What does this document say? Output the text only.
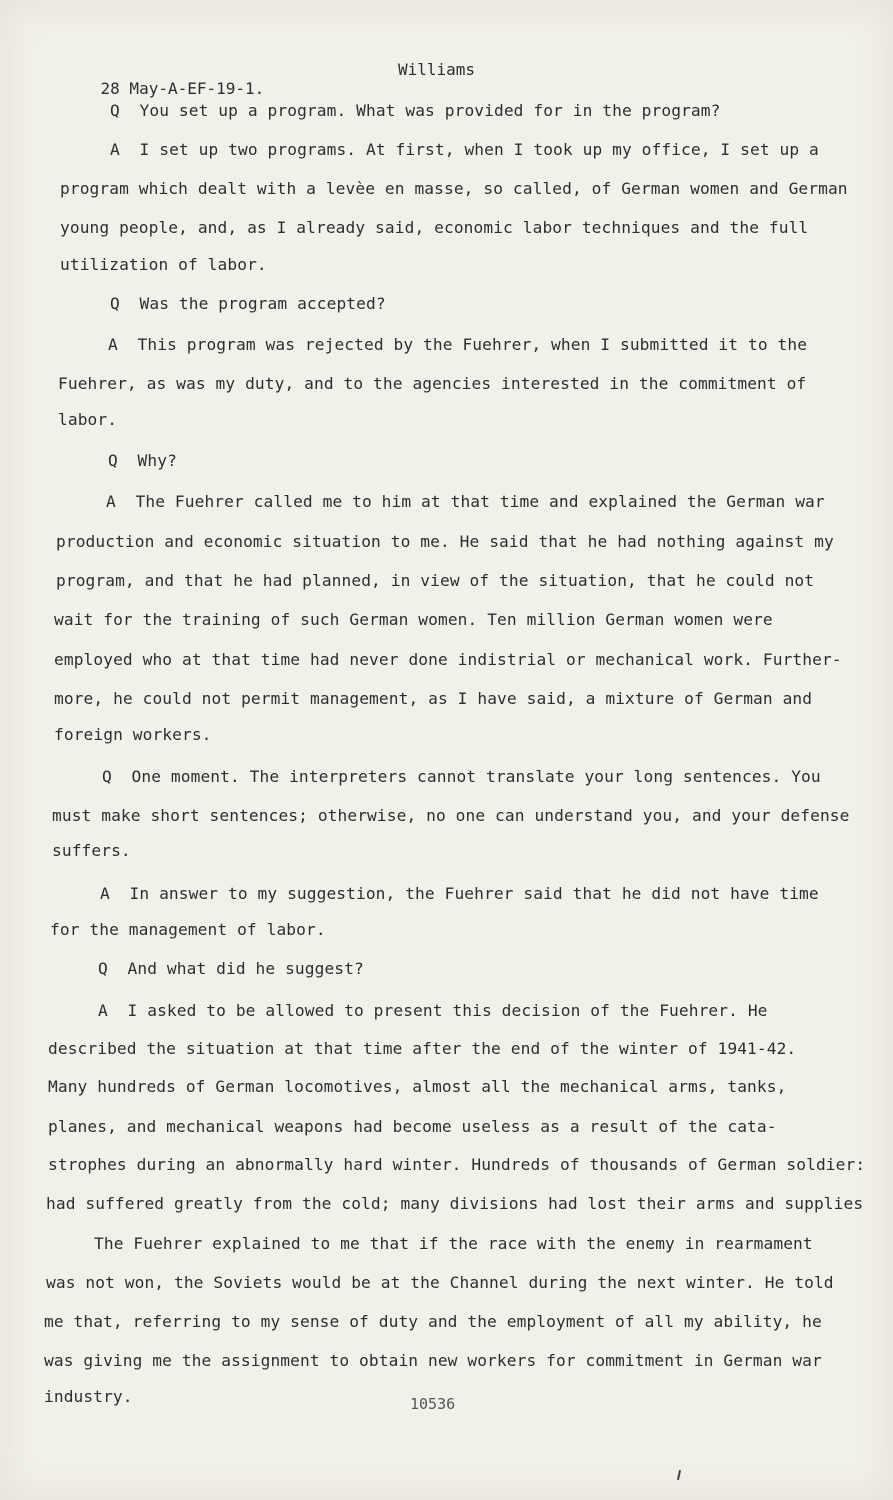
28 May-A-EF-19-1.

Williams

Q  You set up a program. What was provided for in the program?
A  I set up two programs. At first, when I took up my office, I set up a
program which dealt with a levèe en masse, so called, of German women and German
young people, and, as I already said, economic labor techniques and the full
utilization of labor.
Q  Was the program accepted?
A  This program was rejected by the Fuehrer, when I submitted it to the
Fuehrer, as was my duty, and to the agencies interested in the commitment of
labor.
Q  Why?
A  The Fuehrer called me to him at that time and explained the German war
production and economic situation to me. He said that he had nothing against my
program, and that he had planned, in view of the situation, that he could not
wait for the training of such German women. Ten million German women were
employed who at that time had never done indistrial or mechanical work. Further-
more, he could not permit management, as I have said, a mixture of German and
foreign workers.
Q  One moment. The interpreters cannot translate your long sentences. You
must make short sentences; otherwise, no one can understand you, and your defense
suffers.
A  In answer to my suggestion, the Fuehrer said that he did not have time
for the management of labor.
Q  And what did he suggest?
A  I asked to be allowed to present this decision of the Fuehrer. He
described the situation at that time after the end of the winter of 1941-42.
Many hundreds of German locomotives, almost all the mechanical arms, tanks,
planes, and mechanical weapons had become useless as a result of the cata-
strophes during an abnormally hard winter. Hundreds of thousands of German soldier:
had suffered greatly from the cold; many divisions had lost their arms and supplies
The Fuehrer explained to me that if the race with the enemy in rearmament
was not won, the Soviets would be at the Channel during the next winter. He told
me that, referring to my sense of duty and the employment of all my ability, he
was giving me the assignment to obtain new workers for commitment in German war
industry.	10536
